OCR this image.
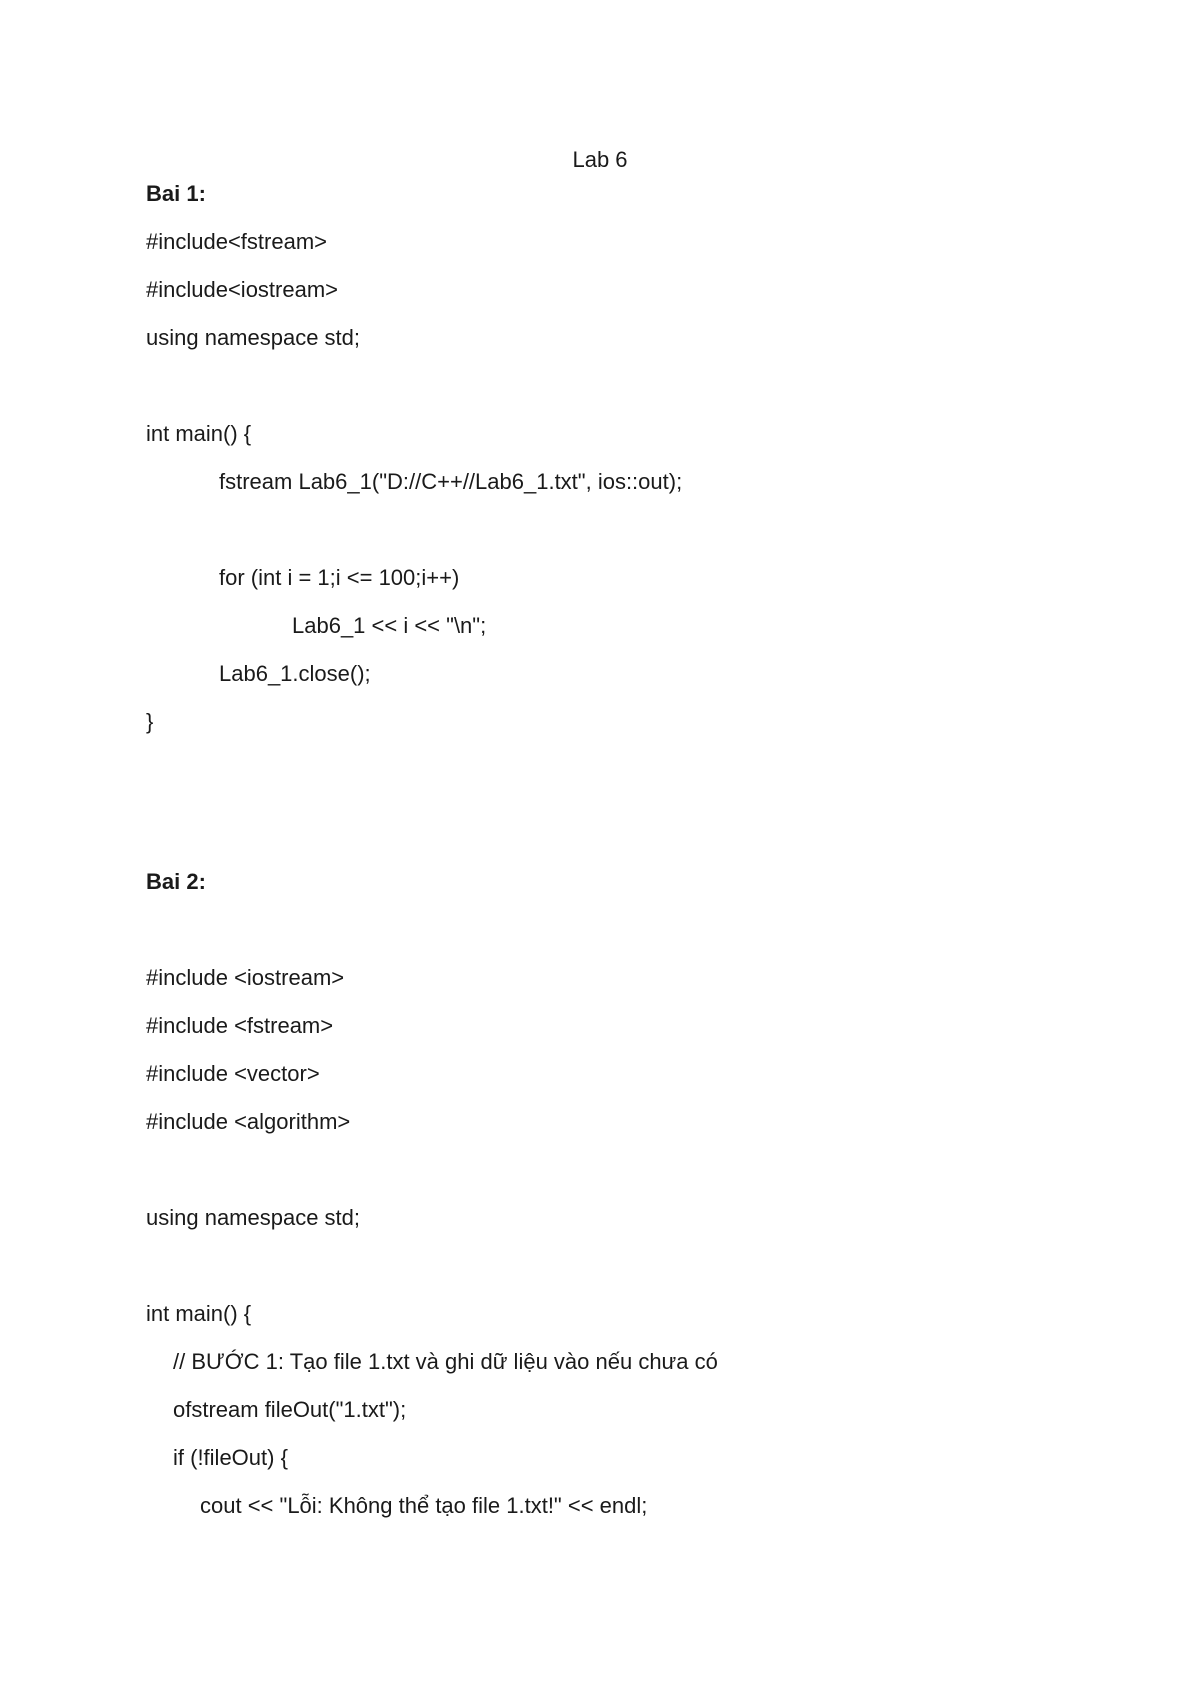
Lab 6
Bai 1:
#include<fstream>
#include<iostream>
using namespace std;
int main() {
fstream Lab6_1("D://C++//Lab6_1.txt", ios::out);
for (int i = 1;i <= 100;i++)
Lab6_1 << i << "\n";
Lab6_1.close();
}
Bai 2:
#include <iostream>
#include <fstream>
#include <vector>
#include <algorithm>
using namespace std;
int main() {
// BƯỚC 1: Tạo file 1.txt và ghi dữ liệu vào nếu chưa có
ofstream fileOut("1.txt");
if (!fileOut) {
cout << "Lỗi: Không thể tạo file 1.txt!" << endl;
